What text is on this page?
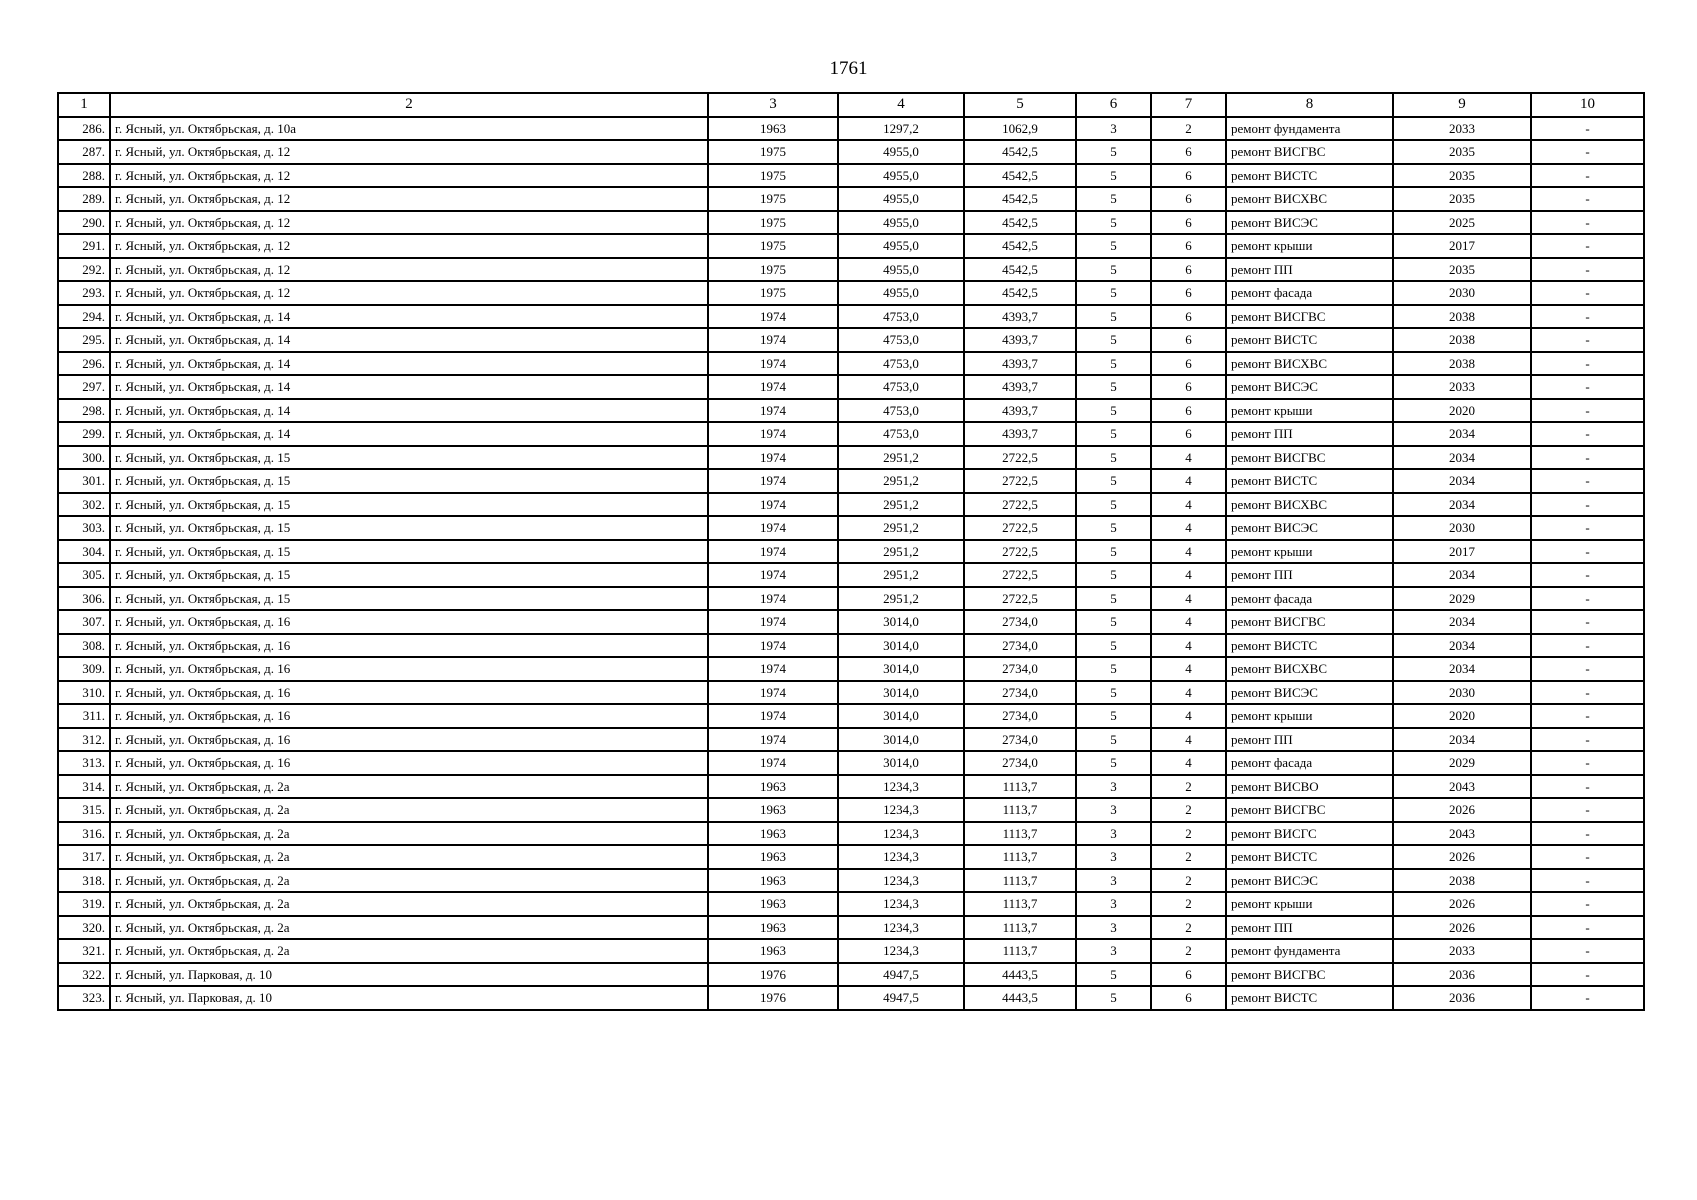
1761
1	2	3	4	5	6	7	8	9	10
286.	г. Ясный, ул. Октябрьская, д. 10а	1963	1297,2	1062,9	3	2	ремонт фундамента	2033	-
287.	г. Ясный, ул. Октябрьская, д. 12	1975	4955,0	4542,5	5	6	ремонт ВИСГВС	2035	-
288.	г. Ясный, ул. Октябрьская, д. 12	1975	4955,0	4542,5	5	6	ремонт ВИСТС	2035	-
289.	г. Ясный, ул. Октябрьская, д. 12	1975	4955,0	4542,5	5	6	ремонт ВИСХВС	2035	-
290.	г. Ясный, ул. Октябрьская, д. 12	1975	4955,0	4542,5	5	6	ремонт ВИСЭС	2025	-
291.	г. Ясный, ул. Октябрьская, д. 12	1975	4955,0	4542,5	5	6	ремонт крыши	2017	-
292.	г. Ясный, ул. Октябрьская, д. 12	1975	4955,0	4542,5	5	6	ремонт ПП	2035	-
293.	г. Ясный, ул. Октябрьская, д. 12	1975	4955,0	4542,5	5	6	ремонт фасада	2030	-
294.	г. Ясный, ул. Октябрьская, д. 14	1974	4753,0	4393,7	5	6	ремонт ВИСГВС	2038	-
295.	г. Ясный, ул. Октябрьская, д. 14	1974	4753,0	4393,7	5	6	ремонт ВИСТС	2038	-
296.	г. Ясный, ул. Октябрьская, д. 14	1974	4753,0	4393,7	5	6	ремонт ВИСХВС	2038	-
297.	г. Ясный, ул. Октябрьская, д. 14	1974	4753,0	4393,7	5	6	ремонт ВИСЭС	2033	-
298.	г. Ясный, ул. Октябрьская, д. 14	1974	4753,0	4393,7	5	6	ремонт крыши	2020	-
299.	г. Ясный, ул. Октябрьская, д. 14	1974	4753,0	4393,7	5	6	ремонт ПП	2034	-
300.	г. Ясный, ул. Октябрьская, д. 15	1974	2951,2	2722,5	5	4	ремонт ВИСГВС	2034	-
301.	г. Ясный, ул. Октябрьская, д. 15	1974	2951,2	2722,5	5	4	ремонт ВИСТС	2034	-
302.	г. Ясный, ул. Октябрьская, д. 15	1974	2951,2	2722,5	5	4	ремонт ВИСХВС	2034	-
303.	г. Ясный, ул. Октябрьская, д. 15	1974	2951,2	2722,5	5	4	ремонт ВИСЭС	2030	-
304.	г. Ясный, ул. Октябрьская, д. 15	1974	2951,2	2722,5	5	4	ремонт крыши	2017	-
305.	г. Ясный, ул. Октябрьская, д. 15	1974	2951,2	2722,5	5	4	ремонт ПП	2034	-
306.	г. Ясный, ул. Октябрьская, д. 15	1974	2951,2	2722,5	5	4	ремонт фасада	2029	-
307.	г. Ясный, ул. Октябрьская, д. 16	1974	3014,0	2734,0	5	4	ремонт ВИСГВС	2034	-
308.	г. Ясный, ул. Октябрьская, д. 16	1974	3014,0	2734,0	5	4	ремонт ВИСТС	2034	-
309.	г. Ясный, ул. Октябрьская, д. 16	1974	3014,0	2734,0	5	4	ремонт ВИСХВС	2034	-
310.	г. Ясный, ул. Октябрьская, д. 16	1974	3014,0	2734,0	5	4	ремонт ВИСЭС	2030	-
311.	г. Ясный, ул. Октябрьская, д. 16	1974	3014,0	2734,0	5	4	ремонт крыши	2020	-
312.	г. Ясный, ул. Октябрьская, д. 16	1974	3014,0	2734,0	5	4	ремонт ПП	2034	-
313.	г. Ясный, ул. Октябрьская, д. 16	1974	3014,0	2734,0	5	4	ремонт фасада	2029	-
314.	г. Ясный, ул. Октябрьская, д. 2а	1963	1234,3	1113,7	3	2	ремонт ВИСВО	2043	-
315.	г. Ясный, ул. Октябрьская, д. 2а	1963	1234,3	1113,7	3	2	ремонт ВИСГВС	2026	-
316.	г. Ясный, ул. Октябрьская, д. 2а	1963	1234,3	1113,7	3	2	ремонт ВИСГС	2043	-
317.	г. Ясный, ул. Октябрьская, д. 2а	1963	1234,3	1113,7	3	2	ремонт ВИСТС	2026	-
318.	г. Ясный, ул. Октябрьская, д. 2а	1963	1234,3	1113,7	3	2	ремонт ВИСЭС	2038	-
319.	г. Ясный, ул. Октябрьская, д. 2а	1963	1234,3	1113,7	3	2	ремонт крыши	2026	-
320.	г. Ясный, ул. Октябрьская, д. 2а	1963	1234,3	1113,7	3	2	ремонт ПП	2026	-
321.	г. Ясный, ул. Октябрьская, д. 2а	1963	1234,3	1113,7	3	2	ремонт фундамента	2033	-
322.	г. Ясный, ул. Парковая, д. 10	1976	4947,5	4443,5	5	6	ремонт ВИСГВС	2036	-
323.	г. Ясный, ул. Парковая, д. 10	1976	4947,5	4443,5	5	6	ремонт ВИСТС	2036	-
